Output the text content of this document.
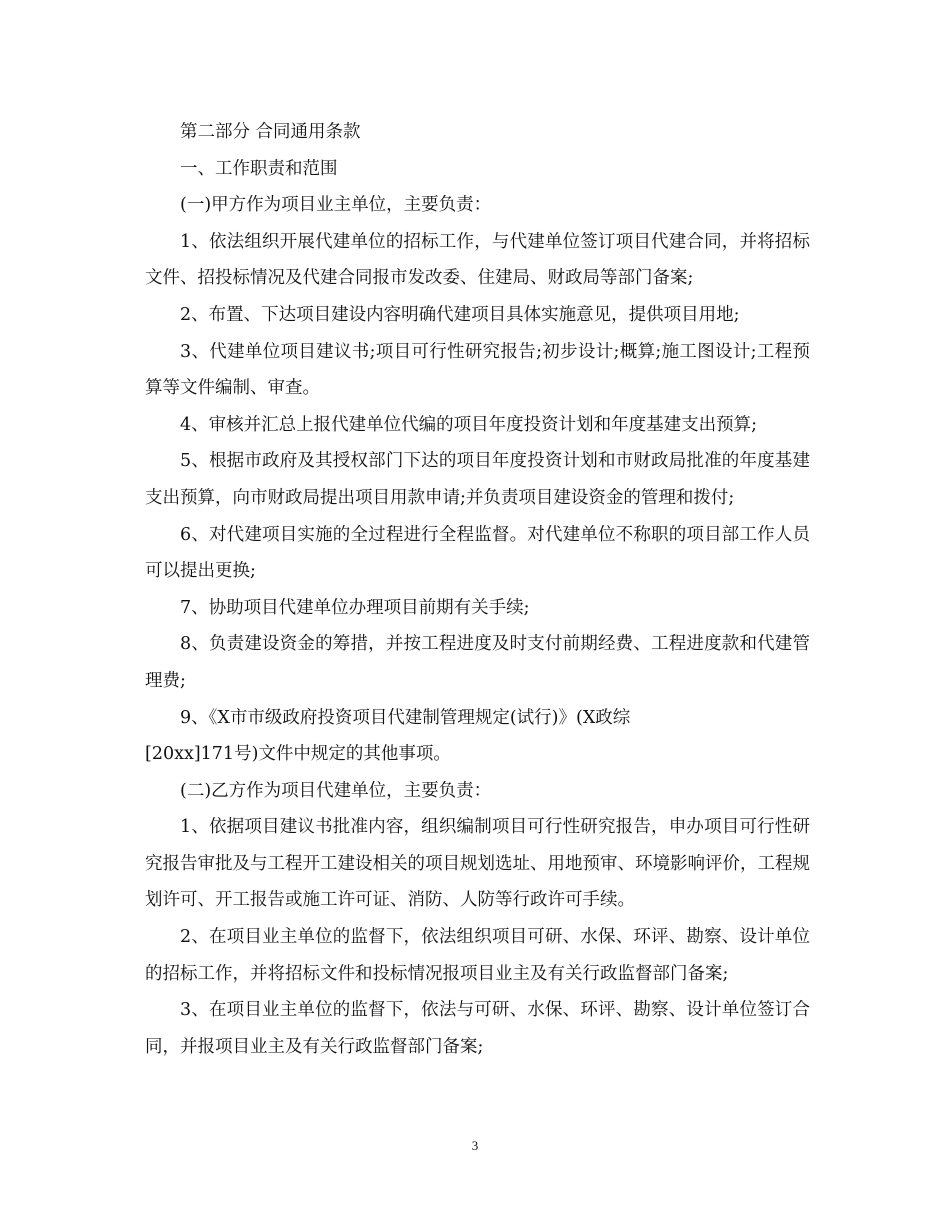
第二部分 合同通用条款

一、工作职责和范围

(一)甲方作为项目业主单位，主要负责：

1、依法组织开展代建单位的招标工作，与代建单位签订项目代建合同，并将招标文件、招投标情况及代建合同报市发改委、住建局、财政局等部门备案;

2、布置、下达项目建设内容明确代建项目具体实施意见，提供项目用地;

3、代建单位项目建议书;项目可行性研究报告;初步设计;概算;施工图设计;工程预算等文件编制、审查。

4、审核并汇总上报代建单位代编的项目年度投资计划和年度基建支出预算;

5、根据市政府及其授权部门下达的项目年度投资计划和市财政局批准的年度基建支出预算，向市财政局提出项目用款申请;并负责项目建设资金的管理和拨付;

6、对代建项目实施的全过程进行全程监督。对代建单位不称职的项目部工作人员可以提出更换;

7、协助项目代建单位办理项目前期有关手续;

8、负责建设资金的筹措，并按工程进度及时支付前期经费、工程进度款和代建管理费;

9、《X市市级政府投资项目代建制管理规定(试行)》(X政综

[20xx]171号)文件中规定的其他事项。

(二)乙方作为项目代建单位，主要负责：

1、依据项目建议书批准内容，组织编制项目可行性研究报告，申办项目可行性研究报告审批及与工程开工建设相关的项目规划选址、用地预审、环境影响评价，工程规划许可、开工报告或施工许可证、消防、人防等行政许可手续。

2、在项目业主单位的监督下，依法组织项目可研、水保、环评、勘察、设计单位的招标工作，并将招标文件和投标情况报项目业主及有关行政监督部门备案;

3、在项目业主单位的监督下，依法与可研、水保、环评、勘察、设计单位签订合同，并报项目业主及有关行政监督部门备案;

3
